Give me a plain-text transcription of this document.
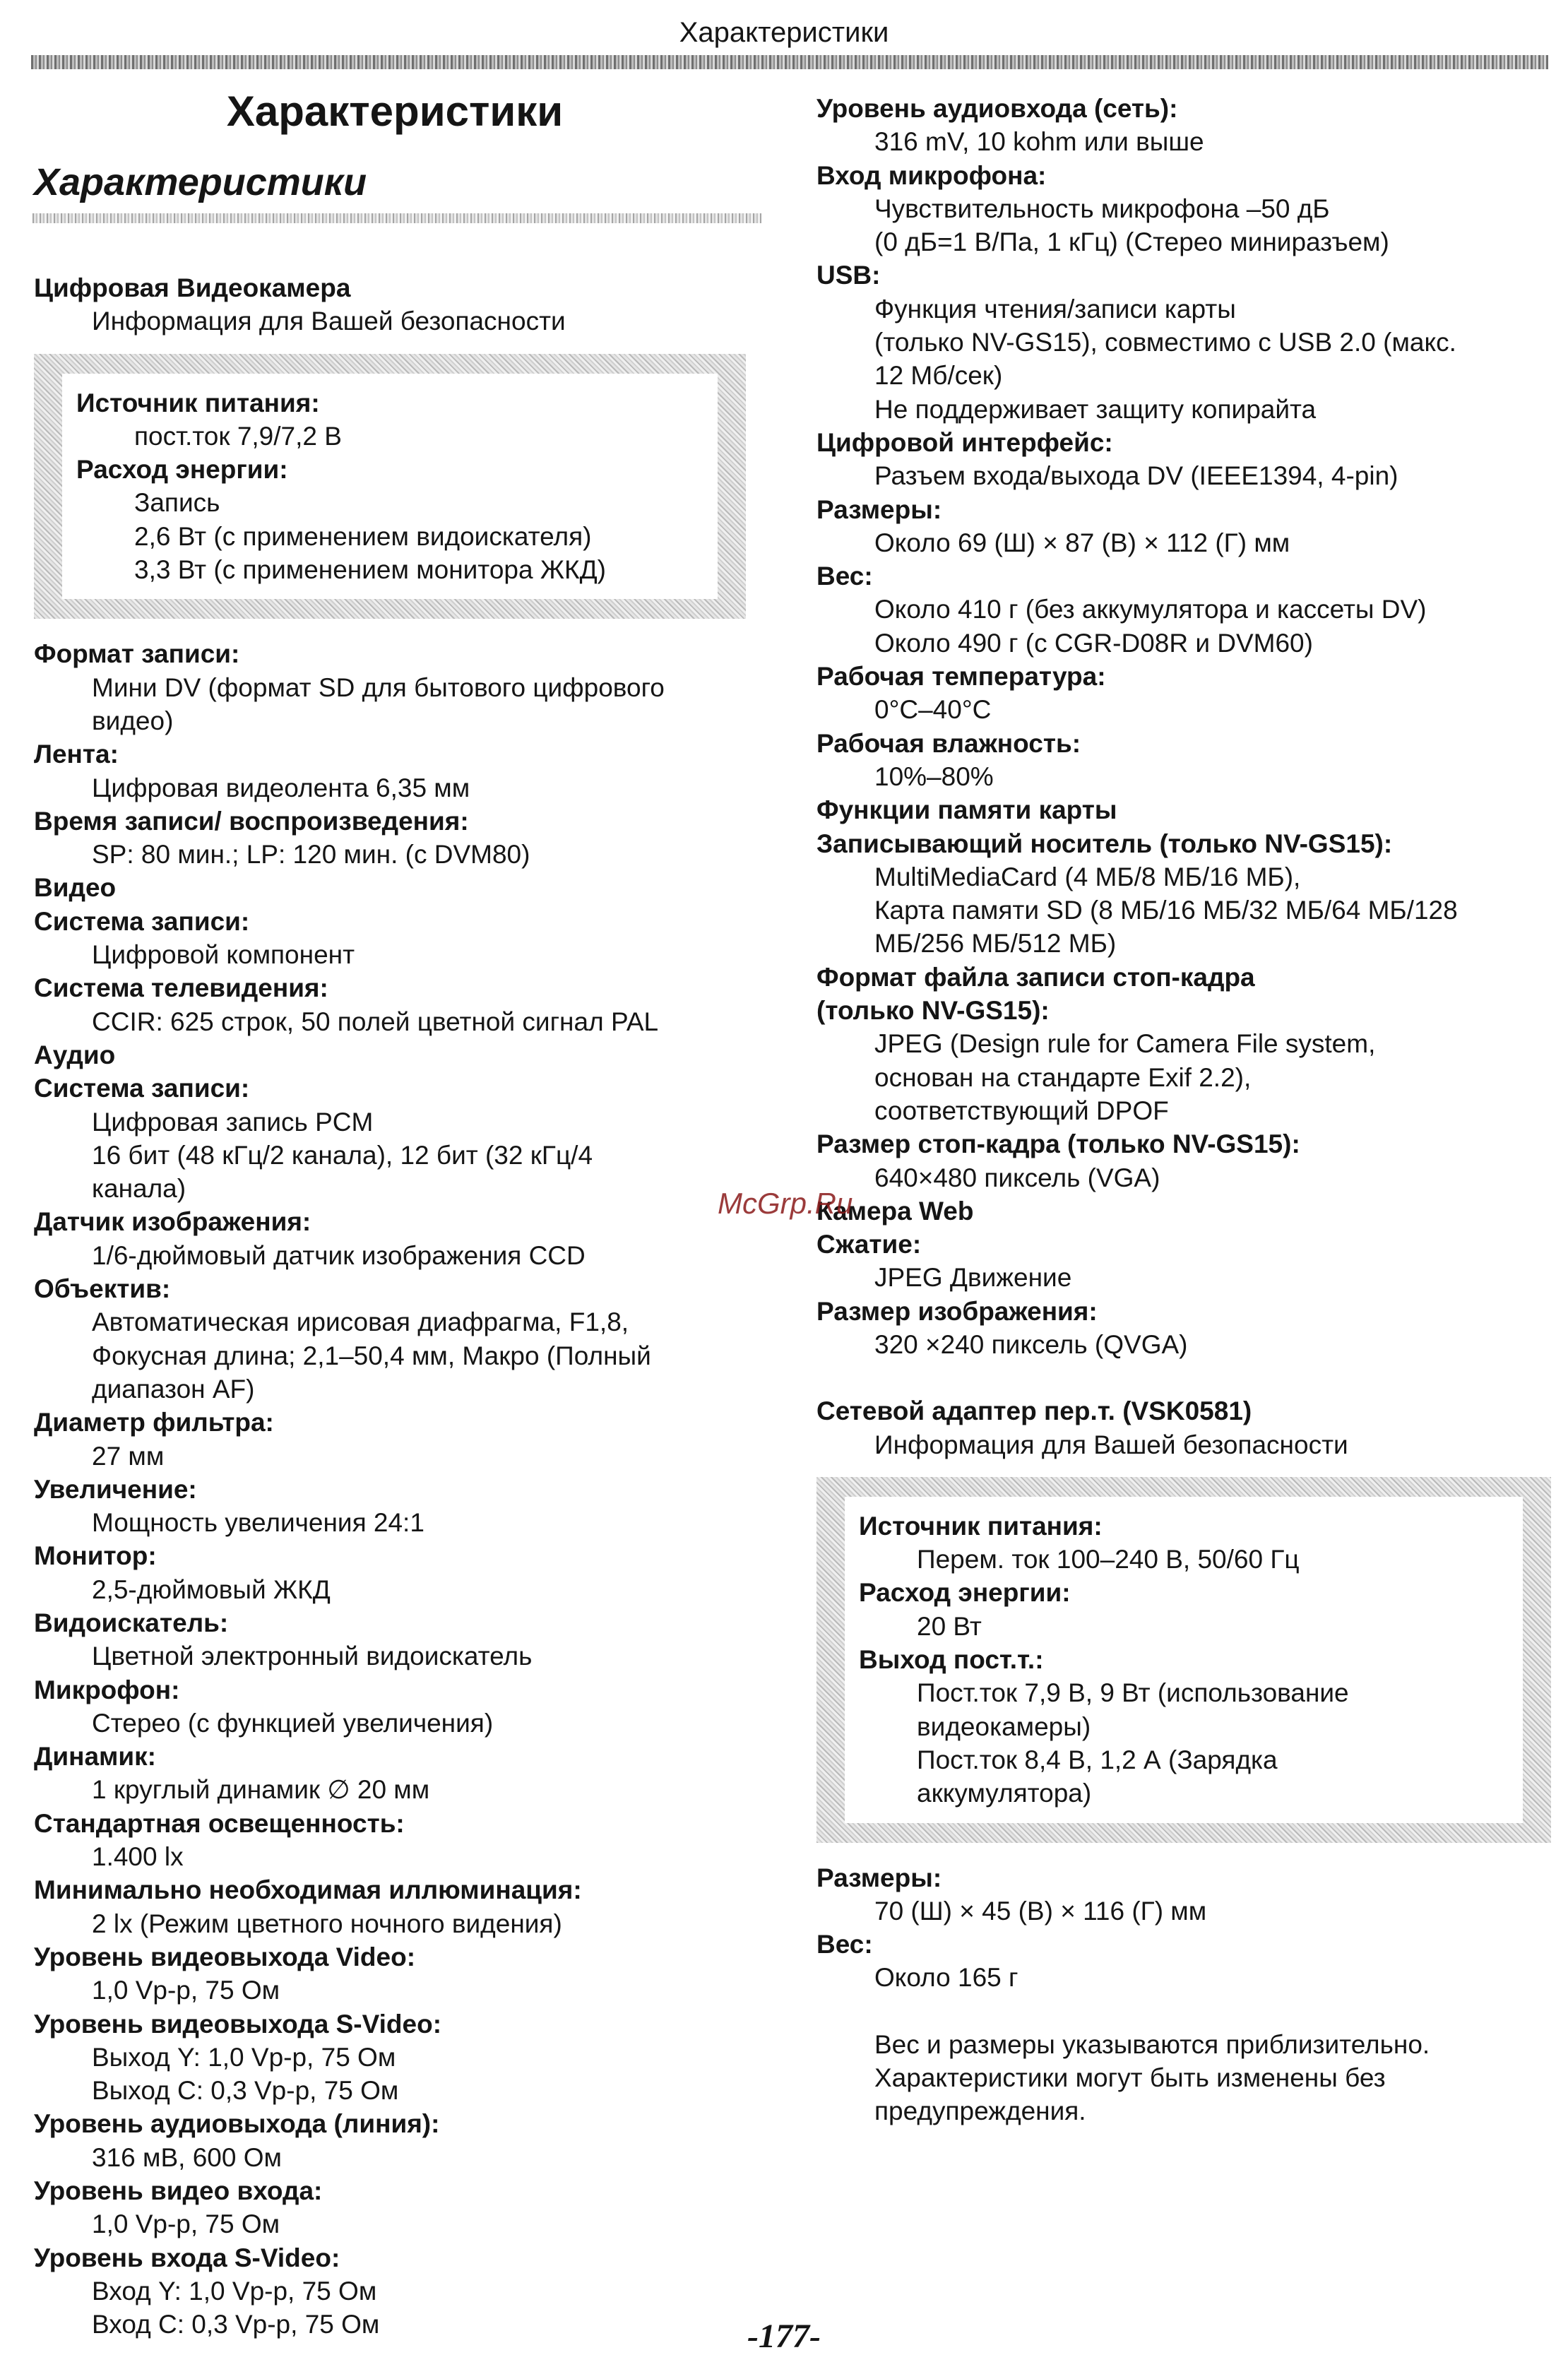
Характеристики
Характеристики
Характеристики
Цифровая Видеокамера
Информация для Вашей безопасности
Источник питания:
пост.ток 7,9/7,2 В
Расход энергии:
Запись
2,6 Вт (с применением видоискателя)
3,3 Вт (с применением монитора ЖКД)
Формат записи:
Мини DV (формат SD для бытового цифрового
видео)
Лента:
Цифровая видеолента 6,35 мм
Время записи/ воспроизведения:
SP: 80 мин.; LP: 120 мин. (с DVM80)
Видео
Система записи:
Цифровой компонент
Система телевидения:
CCIR: 625 строк, 50 полей цветной сигнал PAL
Аудио
Система записи:
Цифровая запись PCM
16 бит (48 кГц/2 канала), 12 бит (32 кГц/4
канала)
Датчик изображения:
1/6-дюймовый датчик изображения CCD
Объектив:
Автоматическая ирисовая диафрагма, F1,8,
Фокусная длина; 2,1–50,4 мм, Макро (Полный
диапазон AF)
Диаметр фильтра:
27 мм
Увеличение:
Мощность увеличения 24:1
Монитор:
2,5-дюймовый ЖКД
Видоискатель:
Цветной электронный видоискатель
Микрофон:
Стерео (с функцией увеличения)
Динамик:
1 круглый динамик ∅ 20 мм
Стандартная освещенность:
1.400 lx
Минимально необходимая иллюминация:
2 lx (Режим цветного ночного видения)
Уровень видеовыхода Video:
1,0 Vp-p, 75 Ом
Уровень видеовыхода S-Video:
Выход Y: 1,0 Vp-p, 75 Ом
Выход C: 0,3 Vp-p, 75 Ом
Уровень аудиовыхода (линия):
316 мВ, 600 Ом
Уровень видео входа:
1,0 Vp-p, 75 Ом
Уровень входа S-Video:
Вход Y: 1,0 Vp-p, 75 Ом
Вход C: 0,3 Vp-p, 75 Ом
Уровень аудиовхода (сеть):
316 mV, 10 kohm или выше
Вход микрофона:
Чувствительность микрофона –50 дБ
(0 дБ=1 В/Па, 1 кГц) (Стерео миниразъем)
USB:
Функция чтения/записи карты
(только NV-GS15), совместимо с USB 2.0 (макс.
12 Мб/сек)
Не поддерживает защиту копирайта
Цифровой интерфейс:
Разъем входа/выхода DV (IEEE1394, 4-pin)
Размеры:
Около 69 (Ш) × 87 (В) × 112 (Г) мм
Вес:
Около 410 г (без аккумулятора и кассеты DV)
Около 490 г (с CGR-D08R и DVM60)
Рабочая температура:
0°C–40°C
Рабочая влажность:
10%–80%
Функции памяти карты
Записывающий носитель (только NV-GS15):
MultiMediaCard (4 МБ/8 МБ/16 МБ),
Карта памяти SD (8 МБ/16 МБ/32 МБ/64 МБ/128
МБ/256 МБ/512 МБ)
Формат файла записи стоп-кадра
(только NV-GS15):
JPEG (Design rule for Camera File system,
основан на стандарте Exif 2.2),
соответствующий DPOF
Размер стоп-кадра (только NV-GS15):
640×480 пиксель (VGA)
Камера Web
Сжатие:
JPEG Движение
Размер изображения:
320 ×240 пиксель (QVGA)
Сетевой адаптер пер.т. (VSK0581)
Информация для Вашей безопасности
Источник питания:
Перем. ток 100–240 В, 50/60 Гц
Расход энергии:
20 Вт
Выход пост.т.:
Пост.ток 7,9 В, 9 Вт (использование
видеокамеры)
Пост.ток 8,4 В, 1,2 А (Зарядка
аккумулятора)
Размеры:
70 (Ш) × 45 (В) × 116 (Г) мм
Вес:
Около 165 г
Вес и размеры указываются приблизительно.
Характеристики могут быть изменены без
предупреждения.
McGrp.Ru
-177-
